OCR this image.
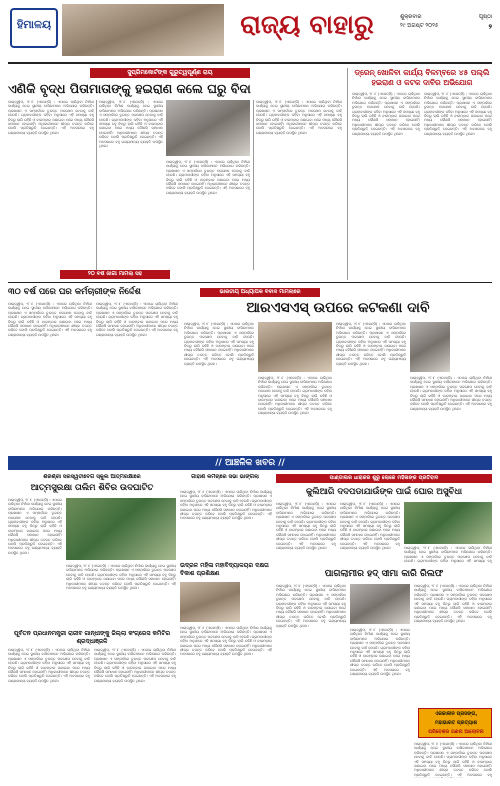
ହିମାଳୟ	ରାଜ୍ୟ ବାହାରୁ	ଶୁକ୍ରବାର
୨୯ ଅଗଷ୍ଟ ୨୦୨୫
ପୃଷ୍ଠା
୨
ସୁପ୍ରିମକୋର୍ଟଙ୍କ ଗୁରୁତ୍ୱପୂର୍ଣ୍ଣ ରାୟ
ଏଣିକି ବୃଦ୍ଧ ପିତାମାତାଙ୍କୁ ହଇରାଣ କଲେ ଘରୁ ବିଦା
ପାରାଦ୍ୱୀପ, ୨୮।୮ (ଏଜେନ୍ସି) : ଏଠାରେ ଚାଲିଥିବା ନିର୍ମାଣ କାର୍ଯ୍ୟକୁ ନେଇ ସ୍ଥାନୀୟ ବାସିନ୍ଦାମାନେ ଅଭିଯୋଗ କରିଛନ୍ତି। ପ୍ରଶାସନ ଏ ସମ୍ପର୍କରେ ତୁରନ୍ତ ପଦକ୍ଷେପ ନେବାକୁ ଦାବି ହେଉଛି। ଗ୍ରାମବାସୀଙ୍କ କହିବା ଅନୁସାରେ ଏହି ସମସ୍ୟା ବହୁ ଦିନରୁ ଲାଗି ରହିଛି ଓ ବାରମ୍ବାର ଜଣାଇବା ପରେ ମଧ୍ୟ କୌଣସି ସମାଧାନ ହୋଇନାହିଁ। ଅଧିକାରୀମାନେ ଶୀଘ୍ର ତଦନ୍ତ କରିବେ ବୋଲି ପ୍ରତିଶ୍ରୁତି ଦେଇଛନ୍ତି। ଏହି ଅବସରରେ ବହୁ ଗଣ୍ୟମାନ୍ୟ ବ୍ୟକ୍ତି ଉପସ୍ଥିତ ଥିଲେ।
ପାରାଦ୍ୱୀପ, ୨୮।୮ (ଏଜେନ୍ସି) : ଏଠାରେ ଚାଲିଥିବା ନିର୍ମାଣ କାର୍ଯ୍ୟକୁ ନେଇ ସ୍ଥାନୀୟ ବାସିନ୍ଦାମାନେ ଅଭିଯୋଗ କରିଛନ୍ତି। ପ୍ରଶାସନ ଏ ସମ୍ପର୍କରେ ତୁରନ୍ତ ପଦକ୍ଷେପ ନେବାକୁ ଦାବି ହେଉଛି। ଗ୍ରାମବାସୀଙ୍କ କହିବା ଅନୁସାରେ ଏହି ସମସ୍ୟା ବହୁ ଦିନରୁ ଲାଗି ରହିଛି ଓ ବାରମ୍ବାର ଜଣାଇବା ପରେ ମଧ୍ୟ କୌଣସି ସମାଧାନ ହୋଇନାହିଁ। ଅଧିକାରୀମାନେ ଶୀଘ୍ର ତଦନ୍ତ କରିବେ ବୋଲି ପ୍ରତିଶ୍ରୁତି ଦେଇଛନ୍ତି। ଏହି ଅବସରରେ ବହୁ ଗଣ୍ୟମାନ୍ୟ ବ୍ୟକ୍ତି ଉପସ୍ଥିତ ଥିଲେ।
ପାରାଦ୍ୱୀପ, ୨୮।୮ (ଏଜେନ୍ସି) : ଏଠାରେ ଚାଲିଥିବା ନିର୍ମାଣ କାର୍ଯ୍ୟକୁ ନେଇ ସ୍ଥାନୀୟ ବାସିନ୍ଦାମାନେ ଅଭିଯୋଗ କରିଛନ୍ତି। ପ୍ରଶାସନ ଏ ସମ୍ପର୍କରେ ତୁରନ୍ତ ପଦକ୍ଷେପ ନେବାକୁ ଦାବି ହେଉଛି। ଗ୍ରାମବାସୀଙ୍କ କହିବା ଅନୁସାରେ ଏହି ସମସ୍ୟା ବହୁ ଦିନରୁ ଲାଗି ରହିଛି ଓ ବାରମ୍ବାର ଜଣାଇବା ପରେ ମଧ୍ୟ କୌଣସି ସମାଧାନ ହୋଇନାହିଁ। ଅଧିକାରୀମାନେ ଶୀଘ୍ର ତଦନ୍ତ କରିବେ ବୋଲି ପ୍ରତିଶ୍ରୁତି ଦେଇଛନ୍ତି। ଏହି ଅବସରରେ ବହୁ ଗଣ୍ୟମାନ୍ୟ ବ୍ୟକ୍ତି ଉପସ୍ଥିତ ଥିଲେ।
ପାରାଦ୍ୱୀପ, ୨୮।୮ (ଏଜେନ୍ସି) : ଏଠାରେ ଚାଲିଥିବା ନିର୍ମାଣ କାର୍ଯ୍ୟକୁ ନେଇ ସ୍ଥାନୀୟ ବାସିନ୍ଦାମାନେ ଅଭିଯୋଗ କରିଛନ୍ତି। ପ୍ରଶାସନ ଏ ସମ୍ପର୍କରେ ତୁରନ୍ତ ପଦକ୍ଷେପ ନେବାକୁ ଦାବି ହେଉଛି। ଗ୍ରାମବାସୀଙ୍କ କହିବା ଅନୁସାରେ ଏହି ସମସ୍ୟା ବହୁ ଦିନରୁ ଲାଗି ରହିଛି ଓ ବାରମ୍ବାର ଜଣାଇବା ପରେ ମଧ୍ୟ କୌଣସି ସମାଧାନ ହୋଇନାହିଁ। ଅଧିକାରୀମାନେ ଶୀଘ୍ର ତଦନ୍ତ କରିବେ ବୋଲି ପ୍ରତିଶ୍ରୁତି ଦେଇଛନ୍ତି। ଏହି ଅବସରରେ ବହୁ ଗଣ୍ୟମାନ୍ୟ ବ୍ୟକ୍ତି ଉପସ୍ଥିତ ଥିଲେ।
୨୦ ବର୍ଷ ଜାଗା ମାମଲା ସହ
ଡ୍ରେନ୍ ଖୋଳିବା କାର୍ଯ୍ୟ ବିଳମ୍ବରେ ୪୫ ପଲ୍ଲି ହଇରାଣ ଓ କଟକ ଦାବିର ଅଭିଯୋଗ
ପାରାଦ୍ୱୀପ, ୨୮।୮ (ଏଜେନ୍ସି) : ଏଠାରେ ଚାଲିଥିବା ନିର୍ମାଣ କାର୍ଯ୍ୟକୁ ନେଇ ସ୍ଥାନୀୟ ବାସିନ୍ଦାମାନେ ଅଭିଯୋଗ କରିଛନ୍ତି। ପ୍ରଶାସନ ଏ ସମ୍ପର୍କରେ ତୁରନ୍ତ ପଦକ୍ଷେପ ନେବାକୁ ଦାବି ହେଉଛି। ଗ୍ରାମବାସୀଙ୍କ କହିବା ଅନୁସାରେ ଏହି ସମସ୍ୟା ବହୁ ଦିନରୁ ଲାଗି ରହିଛି ଓ ବାରମ୍ବାର ଜଣାଇବା ପରେ ମଧ୍ୟ କୌଣସି ସମାଧାନ ହୋଇନାହିଁ। ଅଧିକାରୀମାନେ ଶୀଘ୍ର ତଦନ୍ତ କରିବେ ବୋଲି ପ୍ରତିଶ୍ରୁତି ଦେଇଛନ୍ତି। ଏହି ଅବସରରେ ବହୁ ଗଣ୍ୟମାନ୍ୟ ବ୍ୟକ୍ତି ଉପସ୍ଥିତ ଥିଲେ।
ପାରାଦ୍ୱୀପ, ୨୮।୮ (ଏଜେନ୍ସି) : ଏଠାରେ ଚାଲିଥିବା ନିର୍ମାଣ କାର୍ଯ୍ୟକୁ ନେଇ ସ୍ଥାନୀୟ ବାସିନ୍ଦାମାନେ ଅଭିଯୋଗ କରିଛନ୍ତି। ପ୍ରଶାସନ ଏ ସମ୍ପର୍କରେ ତୁରନ୍ତ ପଦକ୍ଷେପ ନେବାକୁ ଦାବି ହେଉଛି। ଗ୍ରାମବାସୀଙ୍କ କହିବା ଅନୁସାରେ ଏହି ସମସ୍ୟା ବହୁ ଦିନରୁ ଲାଗି ରହିଛି ଓ ବାରମ୍ବାର ଜଣାଇବା ପରେ ମଧ୍ୟ କୌଣସି ସମାଧାନ ହୋଇନାହିଁ। ଅଧିକାରୀମାନେ ଶୀଘ୍ର ତଦନ୍ତ କରିବେ ବୋଲି ପ୍ରତିଶ୍ରୁତି ଦେଇଛନ୍ତି। ଏହି ଅବସରରେ ବହୁ ଗଣ୍ୟମାନ୍ୟ ବ୍ୟକ୍ତି ଉପସ୍ଥିତ ଥିଲେ।
୩୦ ବର୍ଷ ପରେ ଘର କର୍ମଚାରୀଙ୍କ ନିର୍ଦ୍ଦେଶ
ପାରାଦ୍ୱୀପ, ୨୮।୮ (ଏଜେନ୍ସି) : ଏଠାରେ ଚାଲିଥିବା ନିର୍ମାଣ କାର୍ଯ୍ୟକୁ ନେଇ ସ୍ଥାନୀୟ ବାସିନ୍ଦାମାନେ ଅଭିଯୋଗ କରିଛନ୍ତି। ପ୍ରଶାସନ ଏ ସମ୍ପର୍କରେ ତୁରନ୍ତ ପଦକ୍ଷେପ ନେବାକୁ ଦାବି ହେଉଛି। ଗ୍ରାମବାସୀଙ୍କ କହିବା ଅନୁସାରେ ଏହି ସମସ୍ୟା ବହୁ ଦିନରୁ ଲାଗି ରହିଛି ଓ ବାରମ୍ବାର ଜଣାଇବା ପରେ ମଧ୍ୟ କୌଣସି ସମାଧାନ ହୋଇନାହିଁ। ଅଧିକାରୀମାନେ ଶୀଘ୍ର ତଦନ୍ତ କରିବେ ବୋଲି ପ୍ରତିଶ୍ରୁତି ଦେଇଛନ୍ତି। ଏହି ଅବସରରେ ବହୁ ଗଣ୍ୟମାନ୍ୟ ବ୍ୟକ୍ତି ଉପସ୍ଥିତ ଥିଲେ।
ପାରାଦ୍ୱୀପ, ୨୮।୮ (ଏଜେନ୍ସି) : ଏଠାରେ ଚାଲିଥିବା ନିର୍ମାଣ କାର୍ଯ୍ୟକୁ ନେଇ ସ୍ଥାନୀୟ ବାସିନ୍ଦାମାନେ ଅଭିଯୋଗ କରିଛନ୍ତି। ପ୍ରଶାସନ ଏ ସମ୍ପର୍କରେ ତୁରନ୍ତ ପଦକ୍ଷେପ ନେବାକୁ ଦାବି ହେଉଛି। ଗ୍ରାମବାସୀଙ୍କ କହିବା ଅନୁସାରେ ଏହି ସମସ୍ୟା ବହୁ ଦିନରୁ ଲାଗି ରହିଛି ଓ ବାରମ୍ବାର ଜଣାଇବା ପରେ ମଧ୍ୟ କୌଣସି ସମାଧାନ ହୋଇନାହିଁ। ଅଧିକାରୀମାନେ ଶୀଘ୍ର ତଦନ୍ତ କରିବେ ବୋଲି ପ୍ରତିଶ୍ରୁତି ଦେଇଛନ୍ତି। ଏହି ଅବସରରେ ବହୁ ଗଣ୍ୟମାନ୍ୟ ବ୍ୟକ୍ତି ଉପସ୍ଥିତ ଥିଲେ।
ଭାରତୀୟ ଅଧ୍ୟାପକ ବିବାଦ ମାମଲାରେ
ଆରଏସଏସ୍ ଉପରେ କଟକଣା ଦାବି
ପାରାଦ୍ୱୀପ, ୨୮।୮ (ଏଜେନ୍ସି) : ଏଠାରେ ଚାଲିଥିବା ନିର୍ମାଣ କାର୍ଯ୍ୟକୁ ନେଇ ସ୍ଥାନୀୟ ବାସିନ୍ଦାମାନେ ଅଭିଯୋଗ କରିଛନ୍ତି। ପ୍ରଶାସନ ଏ ସମ୍ପର୍କରେ ତୁରନ୍ତ ପଦକ୍ଷେପ ନେବାକୁ ଦାବି ହେଉଛି। ଗ୍ରାମବାସୀଙ୍କ କହିବା ଅନୁସାରେ ଏହି ସମସ୍ୟା ବହୁ ଦିନରୁ ଲାଗି ରହିଛି ଓ ବାରମ୍ବାର ଜଣାଇବା ପରେ ମଧ୍ୟ କୌଣସି ସମାଧାନ ହୋଇନାହିଁ। ଅଧିକାରୀମାନେ ଶୀଘ୍ର ତଦନ୍ତ କରିବେ ବୋଲି ପ୍ରତିଶ୍ରୁତି ଦେଇଛନ୍ତି। ଏହି ଅବସରରେ ବହୁ ଗଣ୍ୟମାନ୍ୟ ବ୍ୟକ୍ତି ଉପସ୍ଥିତ ଥିଲେ।
ପାରାଦ୍ୱୀପ, ୨୮।୮ (ଏଜେନ୍ସି) : ଏଠାରେ ଚାଲିଥିବା ନିର୍ମାଣ କାର୍ଯ୍ୟକୁ ନେଇ ସ୍ଥାନୀୟ ବାସିନ୍ଦାମାନେ ଅଭିଯୋଗ କରିଛନ୍ତି। ପ୍ରଶାସନ ଏ ସମ୍ପର୍କରେ ତୁରନ୍ତ ପଦକ୍ଷେପ ନେବାକୁ ଦାବି ହେଉଛି। ଗ୍ରାମବାସୀଙ୍କ କହିବା ଅନୁସାରେ ଏହି ସମସ୍ୟା ବହୁ ଦିନରୁ ଲାଗି ରହିଛି ଓ ବାରମ୍ବାର ଜଣାଇବା ପରେ ମଧ୍ୟ କୌଣସି ସମାଧାନ ହୋଇନାହିଁ। ଅଧିକାରୀମାନେ ଶୀଘ୍ର ତଦନ୍ତ କରିବେ ବୋଲି ପ୍ରତିଶ୍ରୁତି ଦେଇଛନ୍ତି। ଏହି ଅବସରରେ ବହୁ ଗଣ୍ୟମାନ୍ୟ ବ୍ୟକ୍ତି ଉପସ୍ଥିତ ଥିଲେ।
ପାରାଦ୍ୱୀପ, ୨୮।୮ (ଏଜେନ୍ସି) : ଏଠାରେ ଚାଲିଥିବା ନିର୍ମାଣ କାର୍ଯ୍ୟକୁ ନେଇ ସ୍ଥାନୀୟ ବାସିନ୍ଦାମାନେ ଅଭିଯୋଗ କରିଛନ୍ତି। ପ୍ରଶାସନ ଏ ସମ୍ପର୍କରେ ତୁରନ୍ତ ପଦକ୍ଷେପ ନେବାକୁ ଦାବି ହେଉଛି। ଗ୍ରାମବାସୀଙ୍କ କହିବା ଅନୁସାରେ ଏହି ସମସ୍ୟା ବହୁ ଦିନରୁ ଲାଗି ରହିଛି ଓ ବାରମ୍ବାର ଜଣାଇବା ପରେ ମଧ୍ୟ କୌଣସି ସମାଧାନ ହୋଇନାହିଁ। ଅଧିକାରୀମାନେ ଶୀଘ୍ର ତଦନ୍ତ କରିବେ ବୋଲି ପ୍ରତିଶ୍ରୁତି ଦେଇଛନ୍ତି। ଏହି ଅବସରରେ ବହୁ ଗଣ୍ୟମାନ୍ୟ ବ୍ୟକ୍ତି ଉପସ୍ଥିତ ଥିଲେ।
ପାରାଦ୍ୱୀପ, ୨୮।୮ (ଏଜେନ୍ସି) : ଏଠାରେ ଚାଲିଥିବା ନିର୍ମାଣ କାର୍ଯ୍ୟକୁ ନେଇ ସ୍ଥାନୀୟ ବାସିନ୍ଦାମାନେ ଅଭିଯୋଗ କରିଛନ୍ତି। ପ୍ରଶାସନ ଏ ସମ୍ପର୍କରେ ତୁରନ୍ତ ପଦକ୍ଷେପ ନେବାକୁ ଦାବି ହେଉଛି। ଗ୍ରାମବାସୀଙ୍କ କହିବା ଅନୁସାରେ ଏହି ସମସ୍ୟା ବହୁ ଦିନରୁ ଲାଗି ରହିଛି ଓ ବାରମ୍ବାର ଜଣାଇବା ପରେ ମଧ୍ୟ କୌଣସି ସମାଧାନ ହୋଇନାହିଁ। ଅଧିକାରୀମାନେ ଶୀଘ୍ର ତଦନ୍ତ କରିବେ ବୋଲି ପ୍ରତିଶ୍ରୁତି ଦେଇଛନ୍ତି। ଏହି ଅବସରରେ ବହୁ ଗଣ୍ୟମାନ୍ୟ ବ୍ୟକ୍ତି ଉପସ୍ଥିତ ଥିଲେ।
// ଆଞ୍ଚଳିକ ଖବର //
ଶରିଶ୍ରୀ ସରସ୍ୱତୀବେଗ ସ୍କୁଲ ଆତ୍ମରକ୍ଷାରେ
ଆତ୍ମସୁରକ୍ଷା ତାଲିମ ଶିବିର ଉଦଘାଟିତ
ପାରାଦ୍ୱୀପ, ୨୮।୮ (ଏଜେନ୍ସି) : ଏଠାରେ ଚାଲିଥିବା ନିର୍ମାଣ କାର୍ଯ୍ୟକୁ ନେଇ ସ୍ଥାନୀୟ ବାସିନ୍ଦାମାନେ ଅଭିଯୋଗ କରିଛନ୍ତି। ପ୍ରଶାସନ ଏ ସମ୍ପର୍କରେ ତୁରନ୍ତ ପଦକ୍ଷେପ ନେବାକୁ ଦାବି ହେଉଛି। ଗ୍ରାମବାସୀଙ୍କ କହିବା ଅନୁସାରେ ଏହି ସମସ୍ୟା ବହୁ ଦିନରୁ ଲାଗି ରହିଛି ଓ ବାରମ୍ବାର ଜଣାଇବା ପରେ ମଧ୍ୟ କୌଣସି ସମାଧାନ ହୋଇନାହିଁ। ଅଧିକାରୀମାନେ ଶୀଘ୍ର ତଦନ୍ତ କରିବେ ବୋଲି ପ୍ରତିଶ୍ରୁତି ଦେଇଛନ୍ତି। ଏହି ଅବସରରେ ବହୁ ଗଣ୍ୟମାନ୍ୟ ବ୍ୟକ୍ତି ଉପସ୍ଥିତ ଥିଲେ।
ପାରାଦ୍ୱୀପ, ୨୮।୮ (ଏଜେନ୍ସି) : ଏଠାରେ ଚାଲିଥିବା ନିର୍ମାଣ କାର୍ଯ୍ୟକୁ ନେଇ ସ୍ଥାନୀୟ ବାସିନ୍ଦାମାନେ ଅଭିଯୋଗ କରିଛନ୍ତି। ପ୍ରଶାସନ ଏ ସମ୍ପର୍କରେ ତୁରନ୍ତ ପଦକ୍ଷେପ ନେବାକୁ ଦାବି ହେଉଛି। ଗ୍ରାମବାସୀଙ୍କ କହିବା ଅନୁସାରେ ଏହି ସମସ୍ୟା ବହୁ ଦିନରୁ ଲାଗି ରହିଛି ଓ ବାରମ୍ବାର ଜଣାଇବା ପରେ ମଧ୍ୟ କୌଣସି ସମାଧାନ ହୋଇନାହିଁ। ଅଧିକାରୀମାନେ ଶୀଘ୍ର ତଦନ୍ତ କରିବେ ବୋଲି ପ୍ରତିଶ୍ରୁତି ଦେଇଛନ୍ତି। ଏହି ଅବସରରେ ବହୁ ଗଣ୍ୟମାନ୍ୟ ବ୍ୟକ୍ତି ଉପସ୍ଥିତ ଥିଲେ।
ଗାହାଣ କର୍ମଚାରେ ସଭା ଭାଙ୍ଗିଲା
ପାରାଦ୍ୱୀପ, ୨୮।୮ (ଏଜେନ୍ସି) : ଏଠାରେ ଚାଲିଥିବା ନିର୍ମାଣ କାର୍ଯ୍ୟକୁ ନେଇ ସ୍ଥାନୀୟ ବାସିନ୍ଦାମାନେ ଅଭିଯୋଗ କରିଛନ୍ତି। ପ୍ରଶାସନ ଏ ସମ୍ପର୍କରେ ତୁରନ୍ତ ପଦକ୍ଷେପ ନେବାକୁ ଦାବି ହେଉଛି। ଗ୍ରାମବାସୀଙ୍କ କହିବା ଅନୁସାରେ ଏହି ସମସ୍ୟା ବହୁ ଦିନରୁ ଲାଗି ରହିଛି ଓ ବାରମ୍ବାର ଜଣାଇବା ପରେ ମଧ୍ୟ କୌଣସି ସମାଧାନ ହୋଇନାହିଁ। ଅଧିକାରୀମାନେ ଶୀଘ୍ର ତଦନ୍ତ କରିବେ ବୋଲି ପ୍ରତିଶ୍ରୁତି ଦେଇଛନ୍ତି। ଏହି ଅବସରରେ ବହୁ ଗଣ୍ୟମାନ୍ୟ ବ୍ୟକ୍ତି ଉପସ୍ଥିତ ଥିଲେ।
ପାଣ୍ଡାଲର ଧାରାକର ଶୁରୁ ଲୋକେ ମହିଳାଙ୍କ ପ୍ରତିବାଦ
କୁଲିଆଗି ଦଦପଡାଯାଉଁଙ୍କ ପାଇଁ ଘୋର ଅସୁବିଧା
ପାରାଦ୍ୱୀପ, ୨୮।୮ (ଏଜେନ୍ସି) : ଏଠାରେ ଚାଲିଥିବା ନିର୍ମାଣ କାର୍ଯ୍ୟକୁ ନେଇ ସ୍ଥାନୀୟ ବାସିନ୍ଦାମାନେ ଅଭିଯୋଗ କରିଛନ୍ତି। ପ୍ରଶାସନ ଏ ସମ୍ପର୍କରେ ତୁରନ୍ତ ପଦକ୍ଷେପ ନେବାକୁ ଦାବି ହେଉଛି। ଗ୍ରାମବାସୀଙ୍କ କହିବା ଅନୁସାରେ ଏହି ସମସ୍ୟା ବହୁ ଦିନରୁ ଲାଗି ରହିଛି ଓ ବାରମ୍ବାର ଜଣାଇବା ପରେ ମଧ୍ୟ କୌଣସି ସମାଧାନ ହୋଇନାହିଁ। ଅଧିକାରୀମାନେ ଶୀଘ୍ର ତଦନ୍ତ କରିବେ ବୋଲି ପ୍ରତିଶ୍ରୁତି ଦେଇଛନ୍ତି। ଏହି ଅବସରରେ ବହୁ ଗଣ୍ୟମାନ୍ୟ ବ୍ୟକ୍ତି ଉପସ୍ଥିତ ଥିଲେ।
ପାରାଦ୍ୱୀପ, ୨୮।୮ (ଏଜେନ୍ସି) : ଏଠାରେ ଚାଲିଥିବା ନିର୍ମାଣ କାର୍ଯ୍ୟକୁ ନେଇ ସ୍ଥାନୀୟ ବାସିନ୍ଦାମାନେ ଅଭିଯୋଗ କରିଛନ୍ତି। ପ୍ରଶାସନ ଏ ସମ୍ପର୍କରେ ତୁରନ୍ତ ପଦକ୍ଷେପ ନେବାକୁ ଦାବି ହେଉଛି। ଗ୍ରାମବାସୀଙ୍କ କହିବା ଅନୁସାରେ ଏହି ସମସ୍ୟା ବହୁ ଦିନରୁ ଲାଗି ରହିଛି ଓ ବାରମ୍ବାର ଜଣାଇବା ପରେ ମଧ୍ୟ କୌଣସି ସମାଧାନ ହୋଇନାହିଁ। ଅଧିକାରୀମାନେ ଶୀଘ୍ର ତଦନ୍ତ କରିବେ ବୋଲି ପ୍ରତିଶ୍ରୁତି ଦେଇଛନ୍ତି। ଏହି ଅବସରରେ ବହୁ ଗଣ୍ୟମାନ୍ୟ ବ୍ୟକ୍ତି ଉପସ୍ଥିତ ଥିଲେ।	ପାରାଦ୍ୱୀପ, ୨୮।୮ (ଏଜେନ୍ସି) : ଏଠାରେ ଚାଲିଥିବା ନିର୍ମାଣ କାର୍ଯ୍ୟକୁ ନେଇ ସ୍ଥାନୀୟ ବାସିନ୍ଦାମାନେ ଅଭିଯୋଗ କରିଛନ୍ତି। ପ୍ରଶାସନ ଏ ସମ୍ପର୍କରେ ତୁରନ୍ତ ପଦକ୍ଷେପ ନେବାକୁ ଦାବି ହେଉଛି। ଗ୍ରାମବାସୀଙ୍କ କହିବା ଅନୁସାରେ ଏହି ସମସ୍ୟା ବହୁ
ଉଦ୍ରଳ ମହିଳା ମହାବିଦ୍ୟାଳୟର ଦକ୍ଷତା ବିକାଶ ପ୍ରଶିକ୍ଷଣ
ପାରାଦ୍ୱୀପ, ୨୮।୮ (ଏଜେନ୍ସି) : ଏଠାରେ ଚାଲିଥିବା ନିର୍ମାଣ କାର୍ଯ୍ୟକୁ ନେଇ ସ୍ଥାନୀୟ ବାସିନ୍ଦାମାନେ ଅଭିଯୋଗ କରିଛନ୍ତି। ପ୍ରଶାସନ ଏ ସମ୍ପର୍କରେ ତୁରନ୍ତ ପଦକ୍ଷେପ ନେବାକୁ ଦାବି ହେଉଛି। ଗ୍ରାମବାସୀଙ୍କ କହିବା ଅନୁସାରେ ଏହି ସମସ୍ୟା ବହୁ ଦିନରୁ ଲାଗି ରହିଛି ଓ ବାରମ୍ବାର ଜଣାଇବା ପରେ ମଧ୍ୟ କୌଣସି ସମାଧାନ ହୋଇନାହିଁ। ଅଧିକାରୀମାନେ ଶୀଘ୍ର ତଦନ୍ତ କରିବେ ବୋଲି ପ୍ରତିଶ୍ରୁତି ଦେଇଛନ୍ତି। ଏହି ଅବସରରେ ବହୁ ଗଣ୍ୟମାନ୍ୟ ବ୍ୟକ୍ତି ଉପସ୍ଥିତ ଥିଲେ।
ପାଗଲାମୀର ହଦ୍ ସୀମା କାରି ରିଲଫ
ପାରାଦ୍ୱୀପ, ୨୮।୮ (ଏଜେନ୍ସି) : ଏଠାରେ ଚାଲିଥିବା ନିର୍ମାଣ କାର୍ଯ୍ୟକୁ ନେଇ ସ୍ଥାନୀୟ ବାସିନ୍ଦାମାନେ ଅଭିଯୋଗ କରିଛନ୍ତି। ପ୍ରଶାସନ ଏ ସମ୍ପର୍କରେ ତୁରନ୍ତ ପଦକ୍ଷେପ ନେବାକୁ ଦାବି ହେଉଛି। ଗ୍ରାମବାସୀଙ୍କ କହିବା ଅନୁସାରେ ଏହି ସମସ୍ୟା ବହୁ ଦିନରୁ ଲାଗି ରହିଛି ଓ ବାରମ୍ବାର ଜଣାଇବା ପରେ ମଧ୍ୟ କୌଣସି ସମାଧାନ ହୋଇନାହିଁ। ଅଧିକାରୀମାନେ ଶୀଘ୍ର ତଦନ୍ତ କରିବେ ବୋଲି ପ୍ରତିଶ୍ରୁତି ଦେଇଛନ୍ତି। ଏହି ଅବସରରେ ବହୁ ଗଣ୍ୟମାନ୍ୟ ବ୍ୟକ୍ତି ଉପସ୍ଥିତ ଥିଲେ।
ପାରାଦ୍ୱୀପ, ୨୮।୮ (ଏଜେନ୍ସି) : ଏଠାରେ ଚାଲିଥିବା ନିର୍ମାଣ କାର୍ଯ୍ୟକୁ ନେଇ ସ୍ଥାନୀୟ ବାସିନ୍ଦାମାନେ ଅଭିଯୋଗ କରିଛନ୍ତି। ପ୍ରଶାସନ ଏ ସମ୍ପର୍କରେ ତୁରନ୍ତ ପଦକ୍ଷେପ ନେବାକୁ ଦାବି ହେଉଛି। ଗ୍ରାମବାସୀଙ୍କ କହିବା ଅନୁସାରେ ଏହି ସମସ୍ୟା ବହୁ ଦିନରୁ ଲାଗି ରହିଛି ଓ ବାରମ୍ବାର ଜଣାଇବା ପରେ ମଧ୍ୟ କୌଣସି ସମାଧାନ ହୋଇନାହିଁ। ଅଧିକାରୀମାନେ ଶୀଘ୍ର ତଦନ୍ତ କରିବେ ବୋଲି ପ୍ରତିଶ୍ରୁତି ଦେଇଛନ୍ତି। ଏହି ଅବସରରେ ବହୁ ଗଣ୍ୟମାନ୍ୟ ବ୍ୟକ୍ତି ଉପସ୍ଥିତ ଥିଲେ।
ପାରାଦ୍ୱୀପ, ୨୮।୮ (ଏଜେନ୍ସି) : ଏଠାରେ ଚାଲିଥିବା ନିର୍ମାଣ କାର୍ଯ୍ୟକୁ ନେଇ ସ୍ଥାନୀୟ ବାସିନ୍ଦାମାନେ ଅଭିଯୋଗ କରିଛନ୍ତି। ପ୍ରଶାସନ ଏ ସମ୍ପର୍କରେ ତୁରନ୍ତ ପଦକ୍ଷେପ ନେବାକୁ ଦାବି ହେଉଛି। ଗ୍ରାମବାସୀଙ୍କ କହିବା ଅନୁସାରେ ଏହି ସମସ୍ୟା ବହୁ ଦିନରୁ ଲାଗି ରହିଛି ଓ ବାରମ୍ବାର ଜଣାଇବା ପରେ ମଧ୍ୟ କୌଣସି ସମାଧାନ ହୋଇନାହିଁ। ଅଧିକାରୀମାନେ ଶୀଘ୍ର ତଦନ୍ତ କରିବେ ବୋଲି ପ୍ରତିଶ୍ରୁତି ଦେଇଛନ୍ତି। ଏହି ଅବସରରେ ବହୁ ଗଣ୍ୟମାନ୍ୟ ବ୍ୟକ୍ତି ଉପସ୍ଥିତ ଥିଲେ।
ଏକକାଳୀନ ପ୍ରସଙ୍ଗ,
ମହାଭାରତ ପ୍ରତ୍ୟାଶ
ପରିବେଶର ଗଣନା ଆଲୋଚନା
ପାରାଦ୍ୱୀପ, ୨୮।୮ (ଏଜେନ୍ସି) : ଏଠାରେ ଚାଲିଥିବା ନିର୍ମାଣ କାର୍ଯ୍ୟକୁ ନେଇ ସ୍ଥାନୀୟ ବାସିନ୍ଦାମାନେ ଅଭିଯୋଗ କରିଛନ୍ତି। ପ୍ରଶାସନ ଏ ସମ୍ପର୍କରେ ତୁରନ୍ତ ପଦକ୍ଷେପ ନେବାକୁ ଦାବି ହେଉଛି। ଗ୍ରାମବାସୀଙ୍କ କହିବା ଅନୁସାରେ ଏହି ସମସ୍ୟା ବହୁ ଦିନରୁ ଲାଗି ରହିଛି ଓ ବାରମ୍ବାର ଜଣାଇବା ପରେ ମଧ୍ୟ କୌଣସି ସମାଧାନ ହୋଇନାହିଁ। ଅଧିକାରୀମାନେ ଶୀଘ୍ର ତଦନ୍ତ କରିବେ ବୋଲି ପ୍ରତିଶ୍ରୁତି ଦେଇଛନ୍ତି। ଏହି ଅବସରରେ ବହୁ
ପୂର୍ବତନ ପ୍ରଧାନମନ୍ତ୍ରୀ ରାଜୀବ ଗାନ୍ଧୀଙ୍କୁ ଜିଲ୍ଲା କଂଗ୍ରେସ କମିଟିର ଶ୍ରଦ୍ଧାଞ୍ଜଳି
ପାରାଦ୍ୱୀପ, ୨୮।୮ (ଏଜେନ୍ସି) : ଏଠାରେ ଚାଲିଥିବା ନିର୍ମାଣ କାର୍ଯ୍ୟକୁ ନେଇ ସ୍ଥାନୀୟ ବାସିନ୍ଦାମାନେ ଅଭିଯୋଗ କରିଛନ୍ତି। ପ୍ରଶାସନ ଏ ସମ୍ପର୍କରେ ତୁରନ୍ତ ପଦକ୍ଷେପ ନେବାକୁ ଦାବି ହେଉଛି। ଗ୍ରାମବାସୀଙ୍କ କହିବା ଅନୁସାରେ ଏହି ସମସ୍ୟା ବହୁ ଦିନରୁ ଲାଗି ରହିଛି ଓ ବାରମ୍ବାର ଜଣାଇବା ପରେ ମଧ୍ୟ କୌଣସି ସମାଧାନ ହୋଇନାହିଁ। ଅଧିକାରୀମାନେ ଶୀଘ୍ର ତଦନ୍ତ କରିବେ ବୋଲି ପ୍ରତିଶ୍ରୁତି ଦେଇଛନ୍ତି। ଏହି ଅବସରରେ ବହୁ ଗଣ୍ୟମାନ୍ୟ ବ୍ୟକ୍ତି ଉପସ୍ଥିତ ଥିଲେ।
ପାରାଦ୍ୱୀପ, ୨୮।୮ (ଏଜେନ୍ସି) : ଏଠାରେ ଚାଲିଥିବା ନିର୍ମାଣ କାର୍ଯ୍ୟକୁ ନେଇ ସ୍ଥାନୀୟ ବାସିନ୍ଦାମାନେ ଅଭିଯୋଗ କରିଛନ୍ତି। ପ୍ରଶାସନ ଏ ସମ୍ପର୍କରେ ତୁରନ୍ତ ପଦକ୍ଷେପ ନେବାକୁ ଦାବି ହେଉଛି। ଗ୍ରାମବାସୀଙ୍କ କହିବା ଅନୁସାରେ ଏହି ସମସ୍ୟା ବହୁ ଦିନରୁ ଲାଗି ରହିଛି ଓ ବାରମ୍ବାର ଜଣାଇବା ପରେ ମଧ୍ୟ କୌଣସି ସମାଧାନ ହୋଇନାହିଁ। ଅଧିକାରୀମାନେ ଶୀଘ୍ର ତଦନ୍ତ କରିବେ ବୋଲି ପ୍ରତିଶ୍ରୁତି ଦେଇଛନ୍ତି। ଏହି ଅବସରରେ ବହୁ ଗଣ୍ୟମାନ୍ୟ ବ୍ୟକ୍ତି ଉପସ୍ଥିତ ଥିଲେ।
